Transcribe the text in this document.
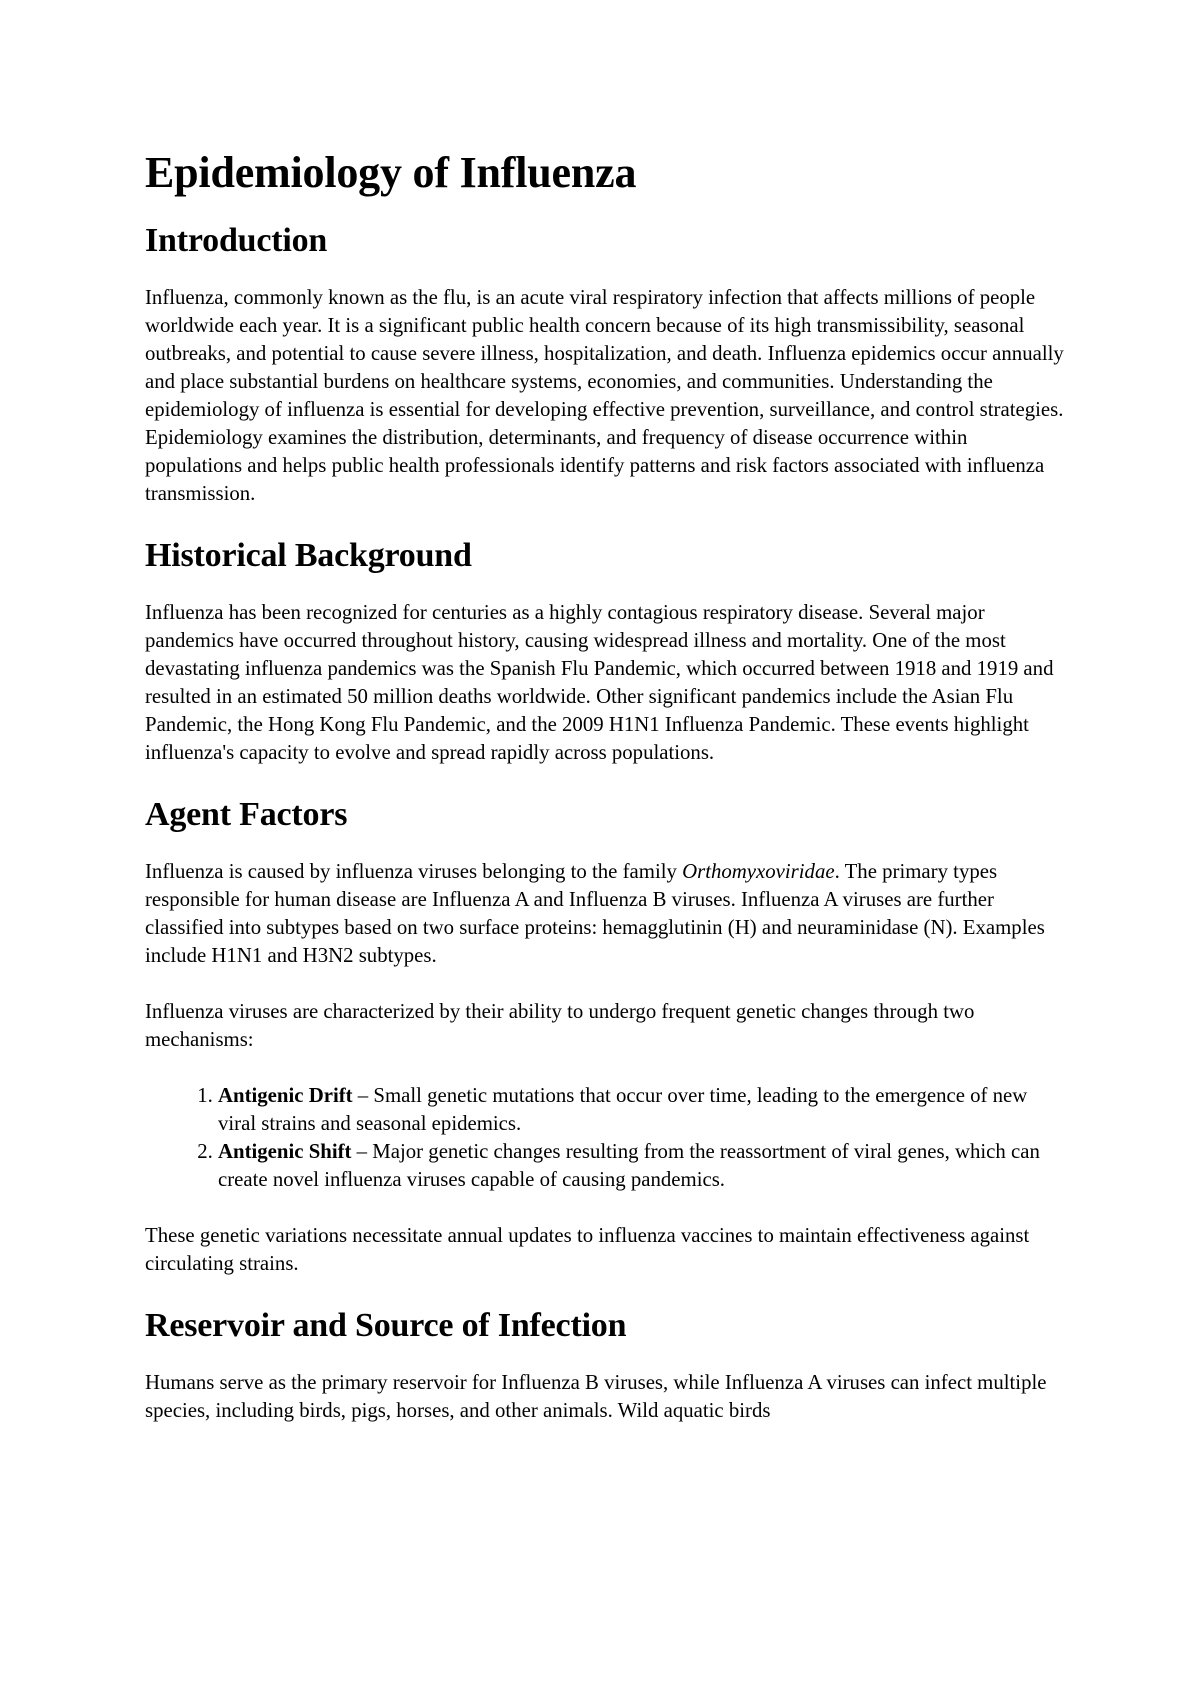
Epidemiology of Influenza
Introduction

Influenza, commonly known as the flu, is an acute viral respiratory infection that affects millions of people worldwide each year. It is a significant public health concern because of its high transmissibility, seasonal outbreaks, and potential to cause severe illness, hospitalization, and death. Influenza epidemics occur annually and place substantial burdens on healthcare systems, economies, and communities. Understanding the epidemiology of influenza is essential for developing effective prevention, surveillance, and control strategies. Epidemiology examines the distribution, determinants, and frequency of disease occurrence within populations and helps public health professionals identify patterns and risk factors associated with influenza transmission.

Historical Background

Influenza has been recognized for centuries as a highly contagious respiratory disease. Several major pandemics have occurred throughout history, causing widespread illness and mortality. One of the most devastating influenza pandemics was the Spanish Flu Pandemic, which occurred between 1918 and 1919 and resulted in an estimated 50 million deaths worldwide. Other significant pandemics include the Asian Flu Pandemic, the Hong Kong Flu Pandemic, and the 2009 H1N1 Influenza Pandemic. These events highlight influenza's capacity to evolve and spread rapidly across populations.

Agent Factors

Influenza is caused by influenza viruses belonging to the family Orthomyxoviridae. The primary types responsible for human disease are Influenza A and Influenza B viruses. Influenza A viruses are further classified into subtypes based on two surface proteins: hemagglutinin (H) and neuraminidase (N). Examples include H1N1 and H3N2 subtypes.

Influenza viruses are characterized by their ability to undergo frequent genetic changes through two mechanisms:

1. Antigenic Drift – Small genetic mutations that occur over time, leading to the emergence of new viral strains and seasonal epidemics.
2. Antigenic Shift – Major genetic changes resulting from the reassortment of viral genes, which can create novel influenza viruses capable of causing pandemics.

These genetic variations necessitate annual updates to influenza vaccines to maintain effectiveness against circulating strains.

Reservoir and Source of Infection

Humans serve as the primary reservoir for Influenza B viruses, while Influenza A viruses can infect multiple species, including birds, pigs, horses, and other animals. Wild aquatic birds
